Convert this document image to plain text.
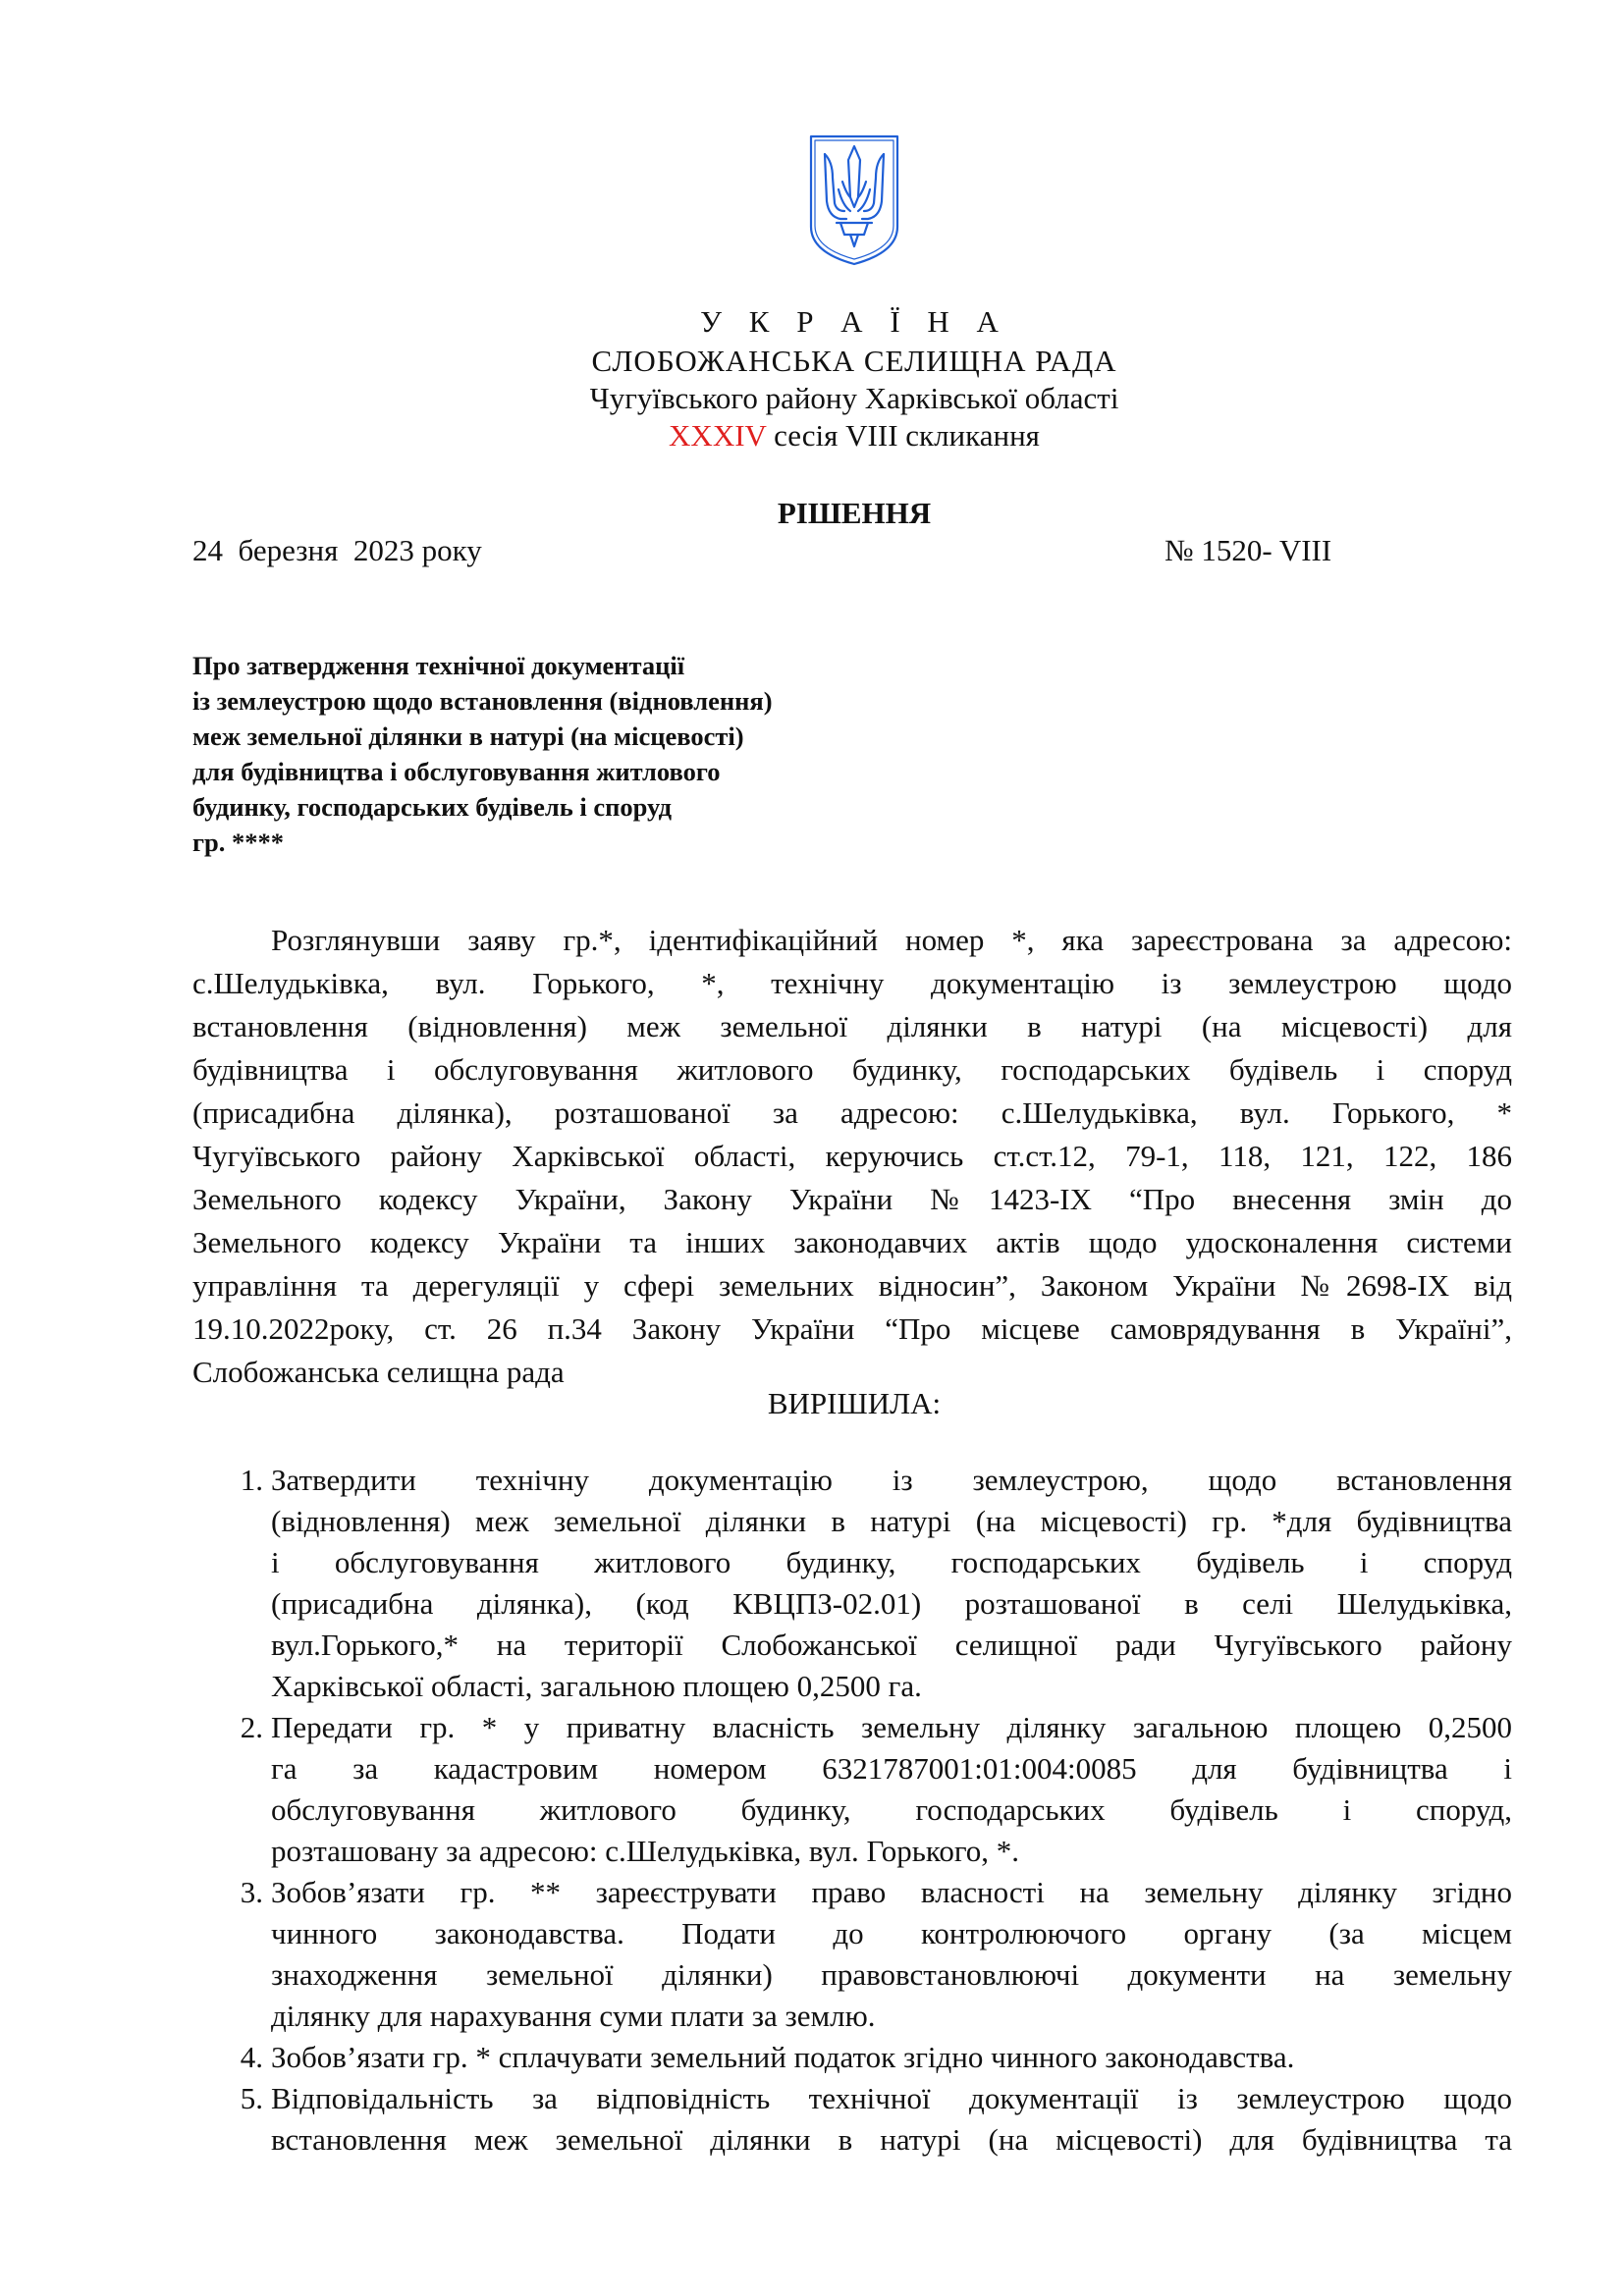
У К Р А Ї Н А
СЛОБОЖАНСЬКА СЕЛИЩНА РАДА
Чугуївського району Харківської області
XXXIV сесія VIII скликання
РІШЕННЯ
24  березня  2023 року	№ 1520- VIII
Про затвердження технічної документації
із землеустрою щодо встановлення (відновлення)
меж земельної ділянки в натурі (на місцевості)
для будівництва і обслуговування житлового
будинку, господарських будівель і споруд
гр. ****
Розглянувши заяву гр.*, ідентифікаційний номер *, яка зареєстрована за адресою:
с.Шелудьківка, вул. Горького, *, технічну документацію із землеустрою щодо
встановлення (відновлення) меж земельної ділянки в натурі (на місцевості) для
будівництва і обслуговування житлового будинку, господарських будівель і споруд
(присадибна ділянка), розташованої за адресою: с.Шелудьківка, вул. Горького, *
Чугуївського району Харківської області, керуючись ст.ст.12, 79-1, 118, 121, 122, 186
Земельного кодексу України, Закону України №1423-IX “Про внесення змін до
Земельного кодексу України та інших законодавчих актів щодо удосконалення системи
управління та дерегуляції у сфері земельних відносин”, Законом України №2698-IX від
19.10.2022року, ст. 26 п.34 Закону України “Про місцеве самоврядування в Україні”,
Слобожанська селищна рада
ВИРІШИЛА:
1. Затвердити технічну документацію із землеустрою, щодо встановлення
(відновлення) меж земельної ділянки в натурі (на місцевості) гр. *для будівництва
і обслуговування житлового будинку, господарських будівель і споруд
(присадибна ділянка), (код КВЦПЗ-02.01) розташованої в селі Шелудьківка,
вул.Горького,* на території Слобожанської селищної ради Чугуївського району
Харківської області, загальною площею 0,2500 га.
2. Передати гр. * у приватну власність земельну ділянку загальною площею 0,2500
га за кадастровим номером 6321787001:01:004:0085 для будівництва і
обслуговування житлового будинку, господарських будівель і споруд,
розташовану за адресою: с.Шелудьківка, вул. Горького, *.
3. Зобов’язати гр. ** зареєструвати право власності на земельну ділянку згідно
чинного законодавства. Подати до контролюючого органу (за місцем
знаходження земельної ділянки) правовстановлюючі документи на земельну
ділянку для нарахування суми плати за землю.
4. Зобов’язати гр. * сплачувати земельний податок згідно чинного законодавства.
5. Відповідальність за відповідність технічної документації із землеустрою щодо
встановлення меж земельної ділянки в натурі (на місцевості) для будівництва та
